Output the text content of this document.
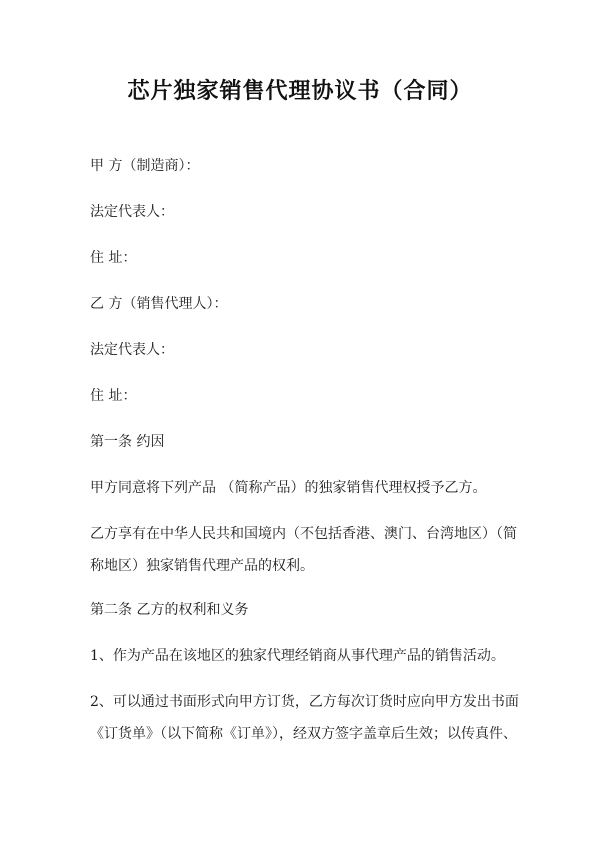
芯片独家销售代理协议书（合同）
甲 方（制造商）：
法定代表人：
住 址：
乙 方（销售代理人）：
法定代表人：
住 址：
第一条 约因
甲方同意将下列产品 （简称产品）的独家销售代理权授予乙方。
乙方享有在中华人民共和国境内（不包括香港、澳门、台湾地区）（简
称地区）独家销售代理产品的权利。
第二条 乙方的权利和义务
1、作为产品在该地区的独家代理经销商从事代理产品的销售活动。
2、可以通过书面形式向甲方订货，乙方每次订货时应向甲方发出书面
《订货单》（以下简称《订单》），经双方签字盖章后生效；以传真件、
